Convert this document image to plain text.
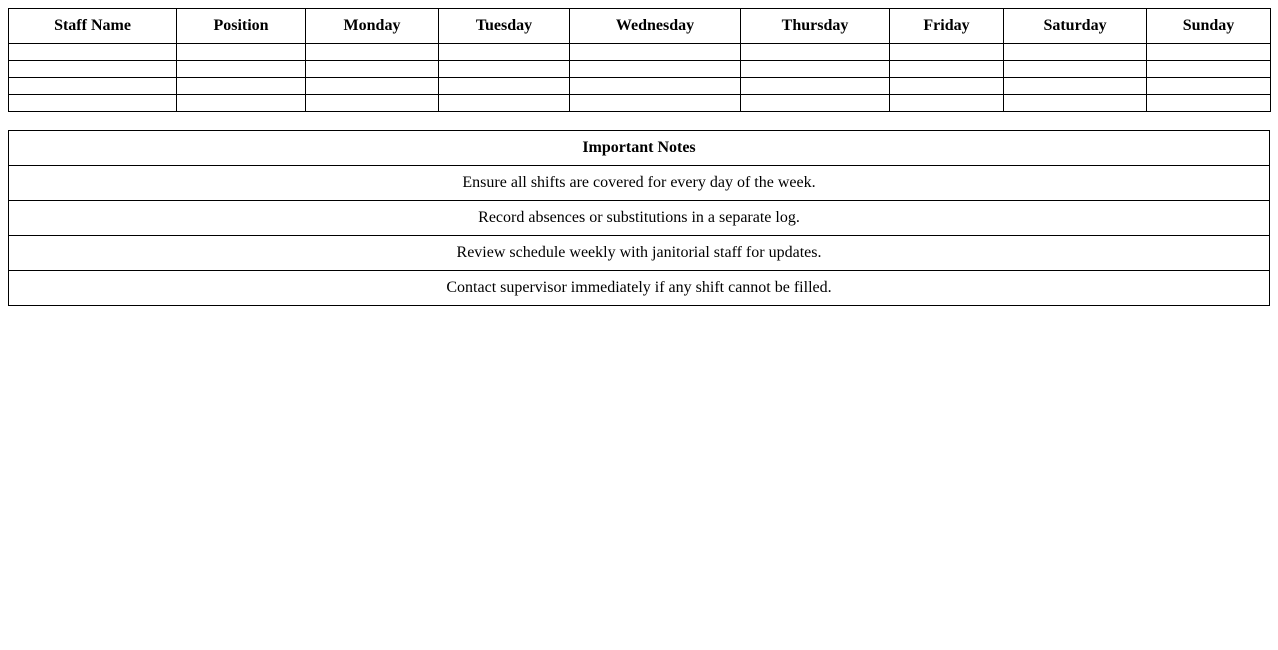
Staff Name	Position	Monday	Tuesday	Wednesday	Thursday	Friday	Saturday	Sunday

Important Notes
Ensure all shifts are covered for every day of the week.
Record absences or substitutions in a separate log.
Review schedule weekly with janitorial staff for updates.
Contact supervisor immediately if any shift cannot be filled.
